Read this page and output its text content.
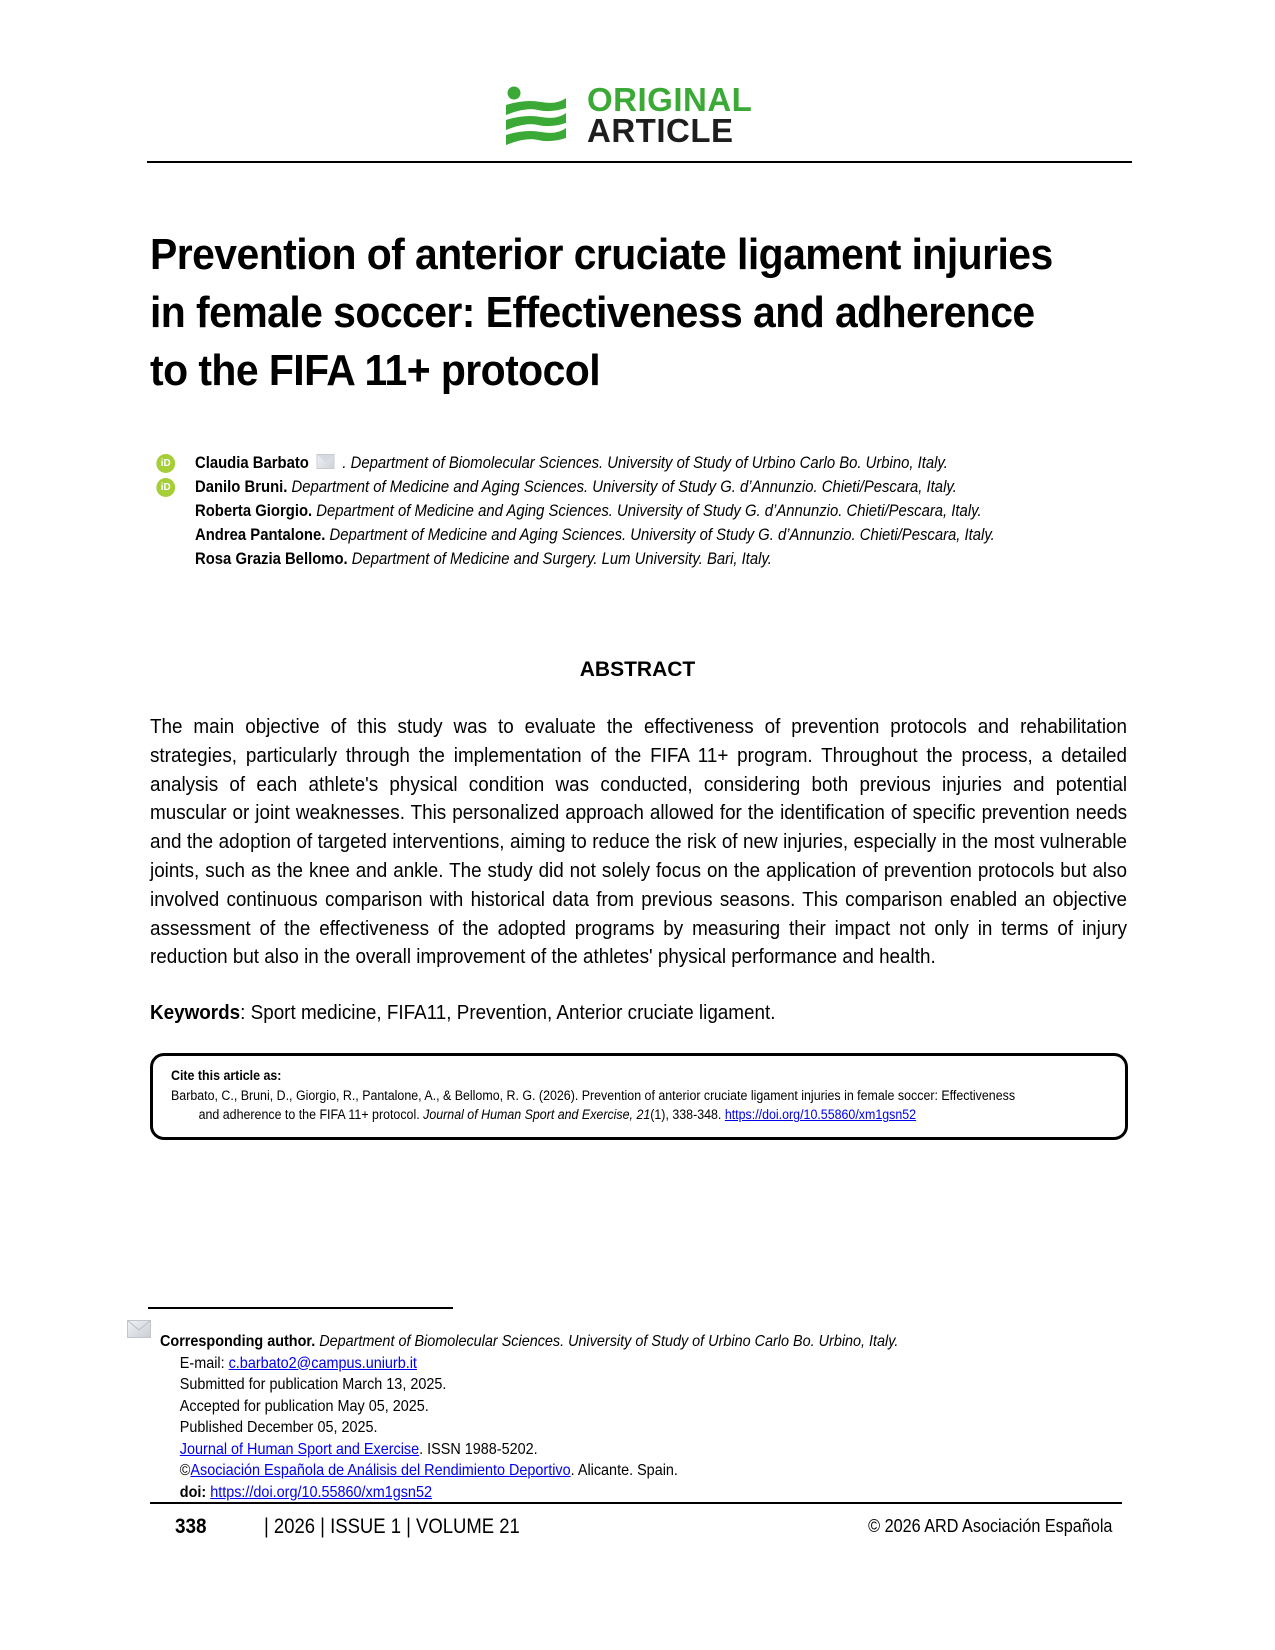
ORIGINAL
ARTICLE
Prevention of anterior cruciate ligament injuries in female soccer: Effectiveness and adherence to the FIFA 11+ protocol
iD Claudia Barbato . Department of Biomolecular Sciences. University of Study of Urbino Carlo Bo. Urbino, Italy.
iD Danilo Bruni. Department of Medicine and Aging Sciences. University of Study G. d’Annunzio. Chieti/Pescara, Italy.
Roberta Giorgio. Department of Medicine and Aging Sciences. University of Study G. d’Annunzio. Chieti/Pescara, Italy.
Andrea Pantalone. Department of Medicine and Aging Sciences. University of Study G. d’Annunzio. Chieti/Pescara, Italy.
Rosa Grazia Bellomo. Department of Medicine and Surgery. Lum University. Bari, Italy.
ABSTRACT

The main objective of this study was to evaluate the effectiveness of prevention protocols and rehabilitation strategies, particularly through the implementation of the FIFA 11+ program. Throughout the process, a detailed analysis of each athlete's physical condition was conducted, considering both previous injuries and potential muscular or joint weaknesses. This personalized approach allowed for the identification of specific prevention needs and the adoption of targeted interventions, aiming to reduce the risk of new injuries, especially in the most vulnerable joints, such as the knee and ankle. The study did not solely focus on the application of prevention protocols but also involved continuous comparison with historical data from previous seasons. This comparison enabled an objective assessment of the effectiveness of the adopted programs by measuring their impact not only in terms of injury reduction but also in the overall improvement of the athletes' physical performance and health.

Keywords: Sport medicine, FIFA11, Prevention, Anterior cruciate ligament.
Cite this article as:
Barbato, C., Bruni, D., Giorgio, R., Pantalone, A., & Bellomo, R. G. (2026). Prevention of anterior cruciate ligament injuries in female soccer: Effectiveness
and adherence to the FIFA 11+ protocol. Journal of Human Sport and Exercise, 21(1), 338-348. https://doi.org/10.55860/xm1gsn52
Corresponding author. Department of Biomolecular Sciences. University of Study of Urbino Carlo Bo. Urbino, Italy.
E-mail: c.barbato2@campus.uniurb.it
Submitted for publication March 13, 2025.
Accepted for publication May 05, 2025.
Published December 05, 2025.
Journal of Human Sport and Exercise. ISSN 1988-5202.
©Asociación Española de Análisis del Rendimiento Deportivo. Alicante. Spain.
doi: https://doi.org/10.55860/xm1gsn52
338	| 2026 | ISSUE 1 | VOLUME 21	© 2026 ARD Asociación Española
